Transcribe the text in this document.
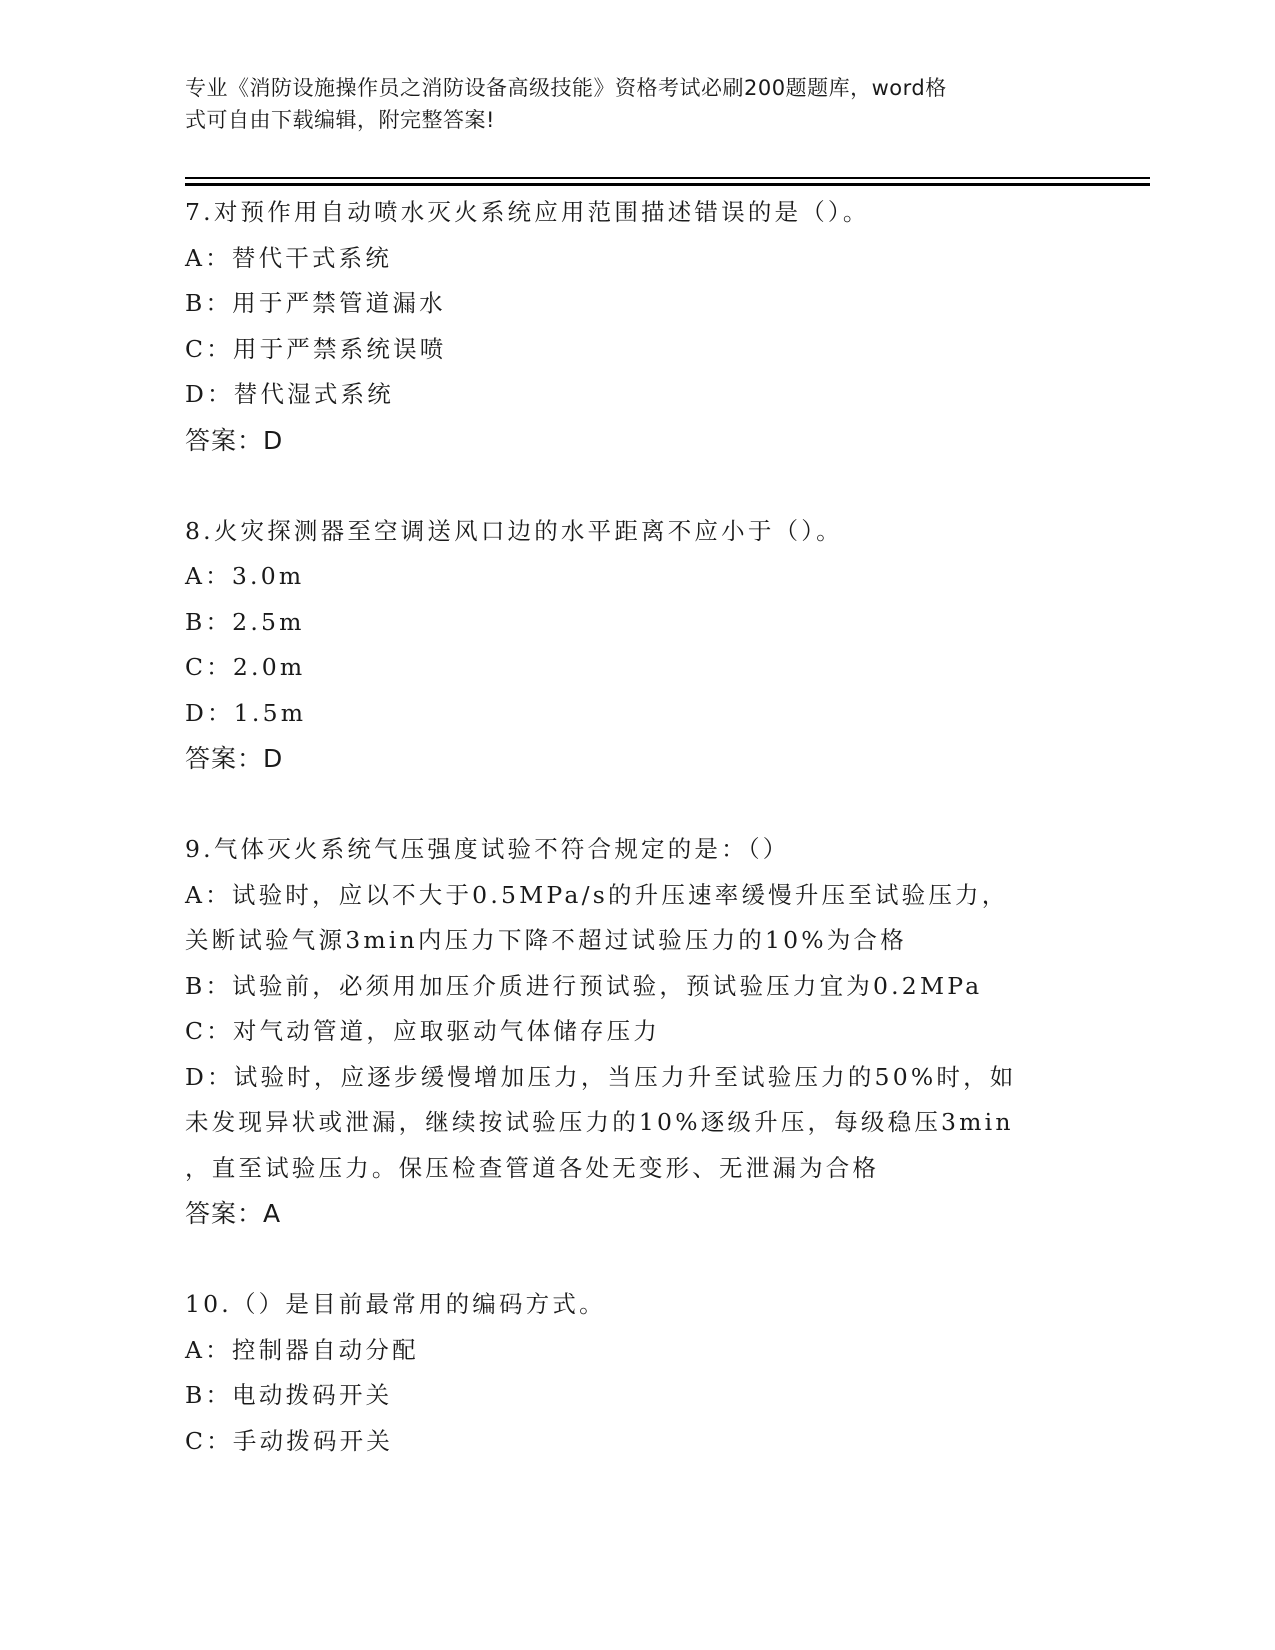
专业《消防设施操作员之消防设备高级技能》资格考试必刷200题题库，word格
式可自由下载编辑，附完整答案!
7.对预作用自动喷水灭火系统应用范围描述错误的是（）。
A：替代干式系统
B：用于严禁管道漏水
C：用于严禁系统误喷
D：替代湿式系统
答案：D
8.火灾探测器至空调送风口边的水平距离不应小于（）。
A：3.0m
B：2.5m
C：2.0m
D：1.5m
答案：D
9.气体灭火系统气压强度试验不符合规定的是：（）
A：试验时，应以不大于0.5MPa/s的升压速率缓慢升压至试验压力，
关断试验气源3min内压力下降不超过试验压力的10%为合格
B：试验前，必须用加压介质进行预试验，预试验压力宜为0.2MPa
C：对气动管道，应取驱动气体储存压力
D：试验时，应逐步缓慢增加压力，当压力升至试验压力的50%时，如
未发现异状或泄漏，继续按试验压力的10%逐级升压，每级稳压3min
，直至试验压力。保压检查管道各处无变形、无泄漏为合格
答案：A
10.（）是目前最常用的编码方式。
A：控制器自动分配
B：电动拨码开关
C：手动拨码开关
